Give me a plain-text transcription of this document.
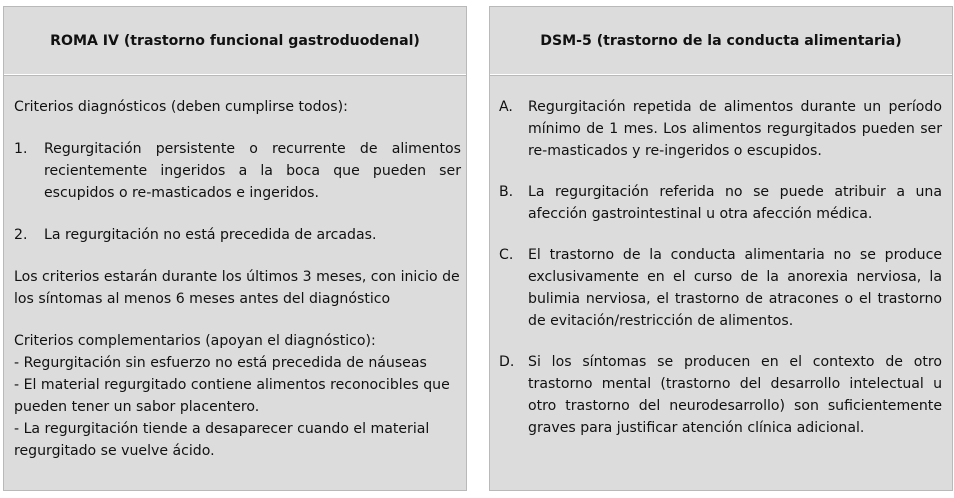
ROMA IV (trastorno funcional gastroduodenal)

Criterios diagnósticos (deben cumplirse todos):

1.	Regurgitación persistente o recurrente de alimentos recientemente ingeridos a la boca que pueden ser escupidos o re-masticados e ingeridos.
2.	La regurgitación no está precedida de arcadas.

Los criterios estarán durante los últimos 3 meses, con inicio de los síntomas al menos 6 meses antes del diagnóstico

Criterios complementarios (apoyan el diagnóstico):

- Regurgitación sin esfuerzo no está precedida de náuseas

- El material regurgitado contiene alimentos reconocibles que pueden tener un sabor placentero.

- La regurgitación tiende a desaparecer cuando el material regurgitado se vuelve ácido.

DSM-5 (trastorno de la conducta alimentaria)
A.	Regurgitación repetida de alimentos durante un período mínimo de 1 mes. Los alimentos regurgitados pueden ser re-masticados y re-ingeridos o escupidos.
B.	La regurgitación referida no se puede atribuir a una afección gastrointestinal u otra afección médica.
C.	El trastorno de la conducta alimentaria no se produce exclusivamente en el curso de la anorexia nerviosa, la bulimia nerviosa, el trastorno de atracones o el trastorno de evitación/restricción de alimentos.
D. Si los síntomas se producen en el contexto de otro trastorno mental (trastorno del desarrollo intelectual u otro trastorno del neurodesarrollo) son suficientemente graves para justificar atención clínica adicional.
